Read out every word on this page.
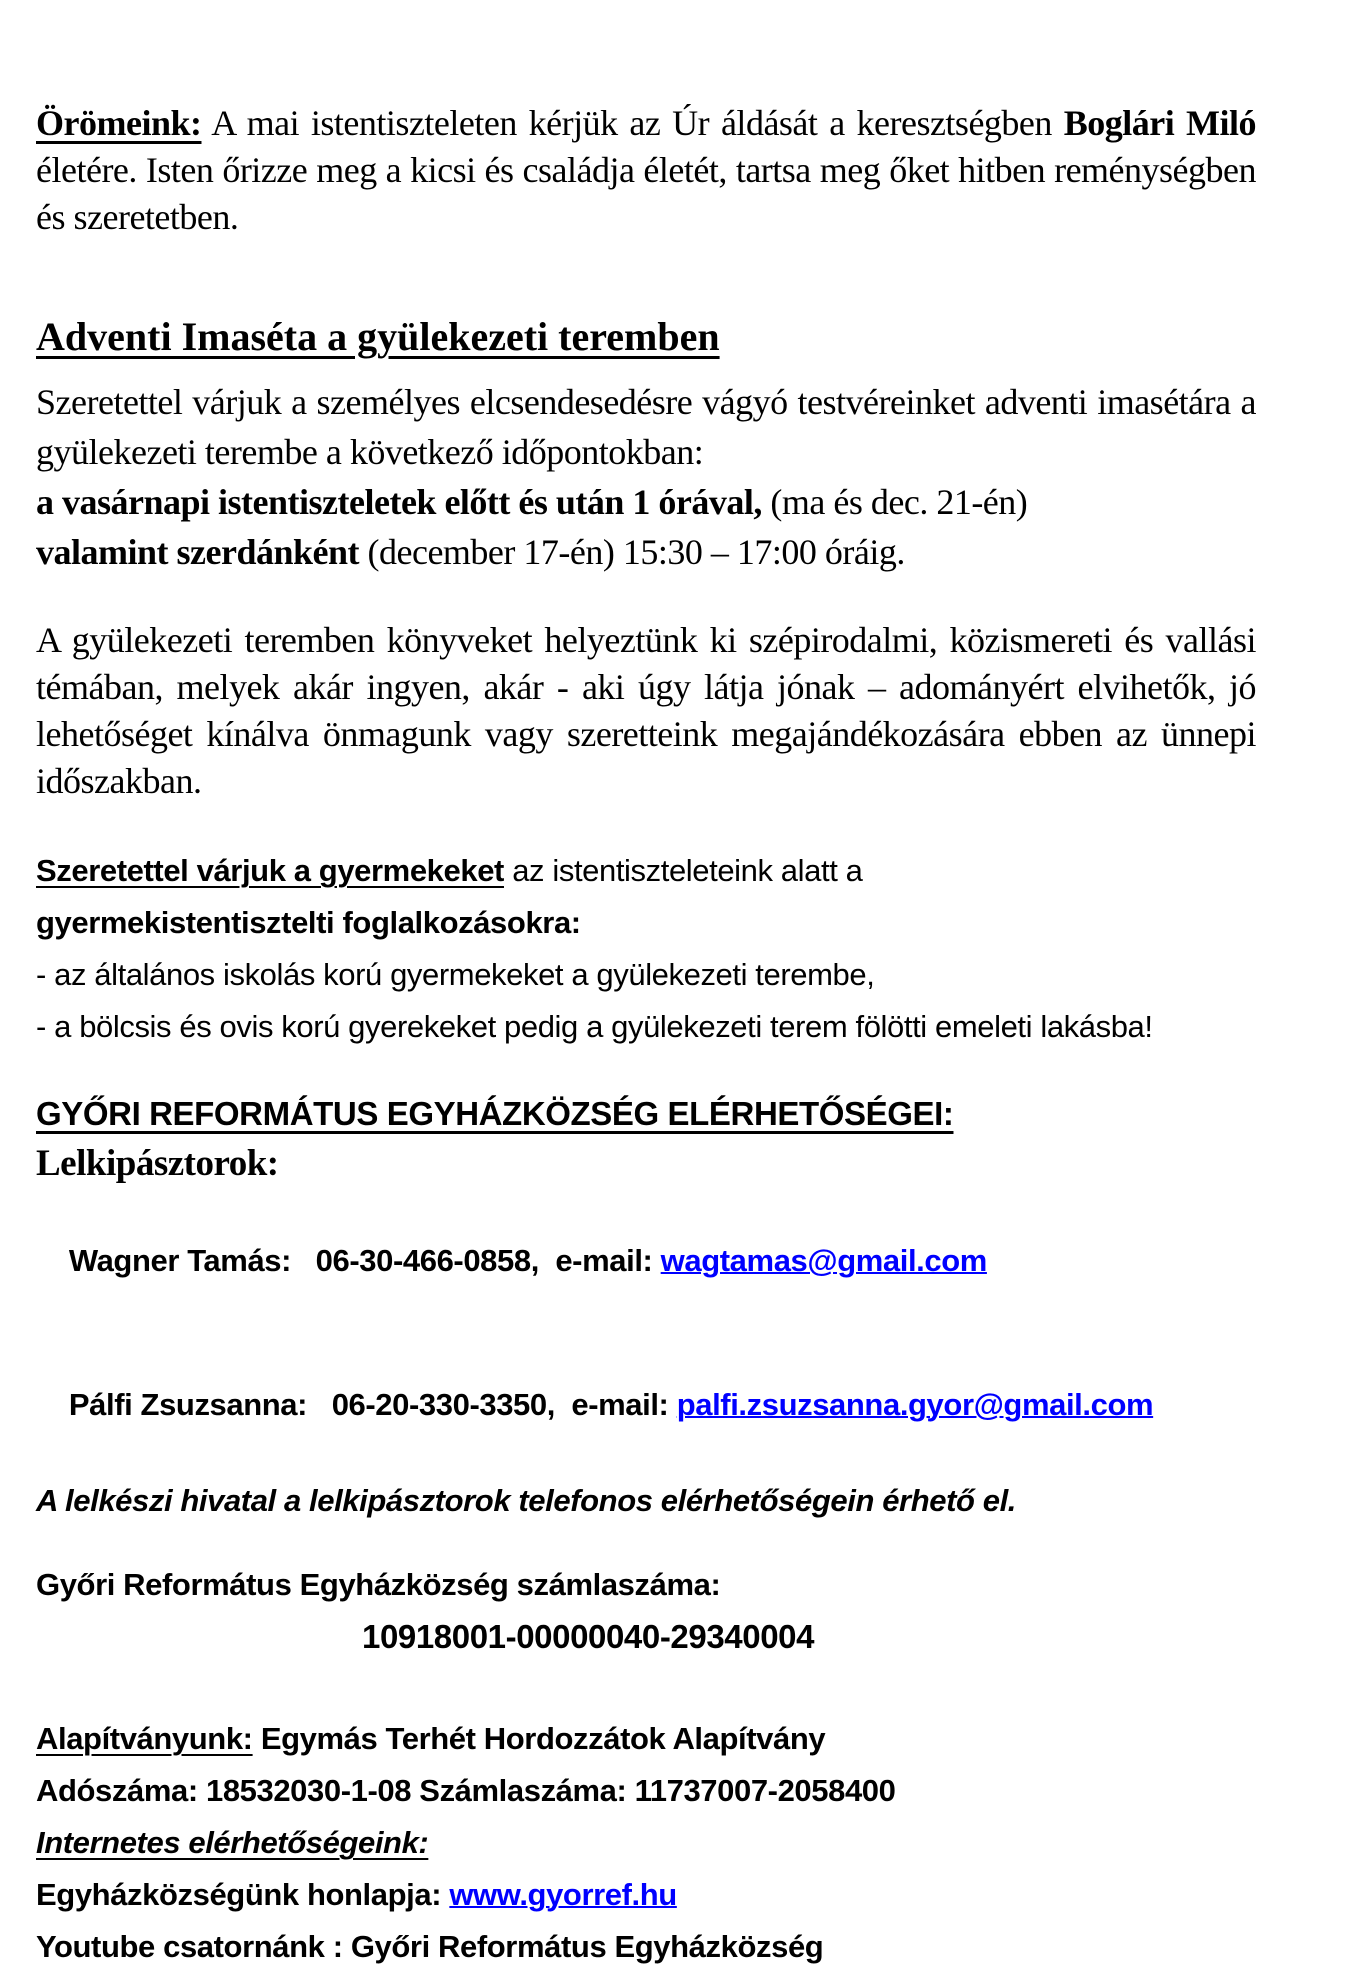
Örömeink: A mai istentiszteleten kérjük az Úr áldását a keresztségben Boglári Miló életére. Isten őrizze meg a kicsi és családja életét, tartsa meg őket hitben reménységben és szeretetben.

Adventi Imaséta a gyülekezeti teremben

Szeretettel várjuk a személyes elcsendesedésre vágyó testvéreinket adventi imasétára a gyülekezeti terembe a következő időpontokban:
a vasárnapi istentiszteletek előtt és után 1 órával, (ma és dec. 21-én)
valamint szerdánként (december 17-én) 15:30 – 17:00 óráig.

A gyülekezeti teremben könyveket helyeztünk ki szépirodalmi, közismereti és vallási témában, melyek akár ingyen, akár - aki úgy látja jónak – adományért elvihetők, jó lehetőséget kínálva önmagunk vagy szeretteink megajándékozására ebben az ünnepi időszakban.

Szeretettel várjuk a gyermekeket az istentiszteleteink alatt a
gyermekistentisztelti foglalkozásokra:
- az általános iskolás korú gyermekeket a gyülekezeti terembe,
- a bölcsis és ovis korú gyerekeket pedig a gyülekezeti terem fölötti emeleti lakásba!
GYŐRI REFORMÁTUS EGYHÁZKÖZSÉG ELÉRHETŐSÉGEI:
Lelkipásztorok:

Wagner Tamás:   06-30-466-0858,  e-mail: wagtamas@gmail.com

Pálfi Zsuzsanna:   06-20-330-3350,  e-mail: palfi.zsuzsanna.gyor@gmail.com

A lelkészi hivatal a lelkipásztorok telefonos elérhetőségein érhető el.
Győri Református Egyházközség számlaszáma:
10918001-00000040-29340004
Alapítványunk: Egymás Terhét Hordozzátok Alapítvány
Adószáma: 18532030-1-08 Számlaszáma: 11737007-2058400
Internetes elérhetőségeink:
Egyházközségünk honlapja: www.gyorref.hu
Youtube csatornánk : Győri Református Egyházközség
